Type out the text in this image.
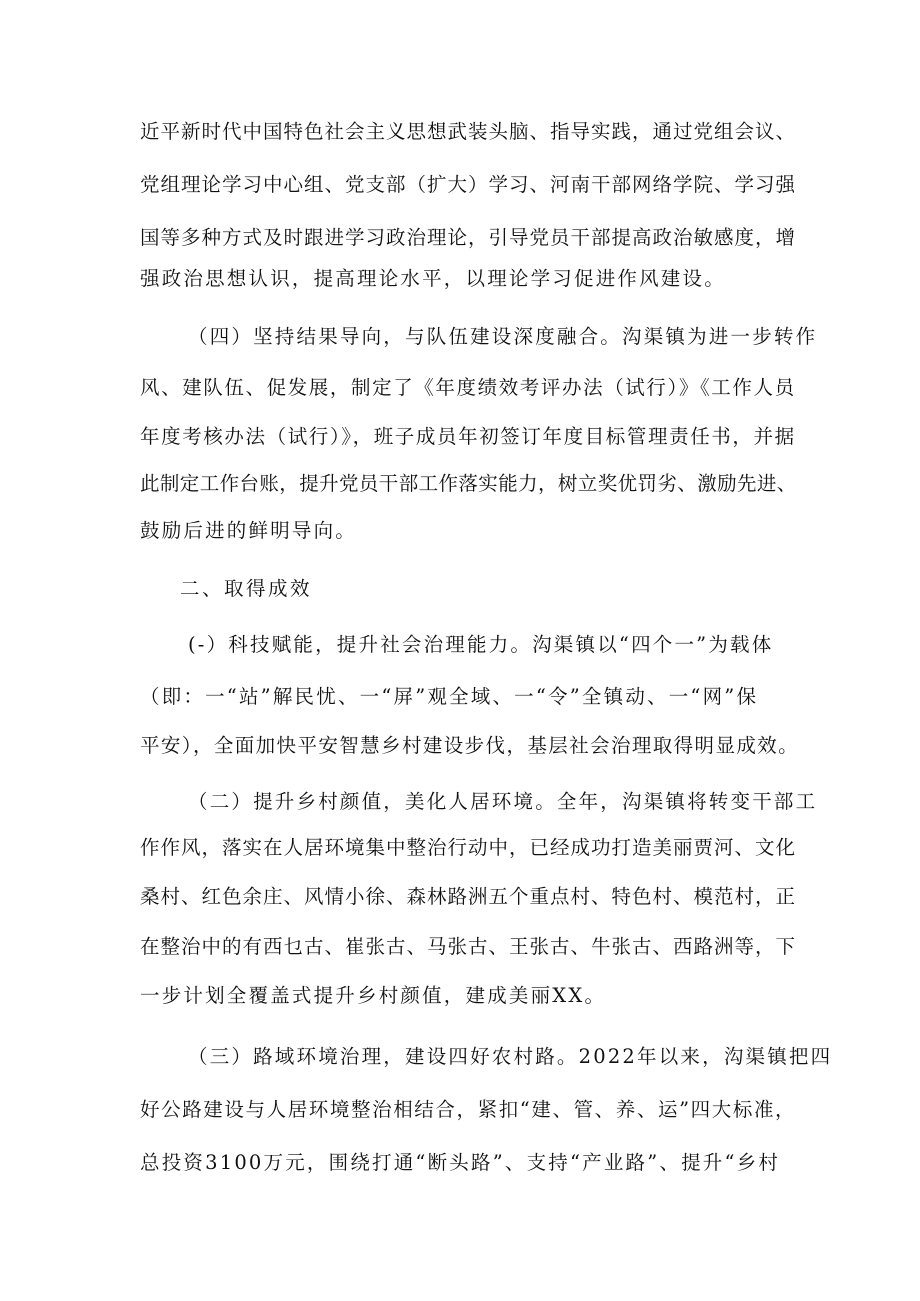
近平新时代中国特色社会主义思想武装头脑、指导实践，通过党组会议、
党组理论学习中心组、党支部（扩大）学习、河南干部网络学院、学习强
国等多种方式及时跟进学习政治理论，引导党员干部提高政治敏感度，增
强政治思想认识，提高理论水平，以理论学习促进作风建设。
（四）坚持结果导向，与队伍建设深度融合。沟渠镇为进一步转作
风、建队伍、促发展，制定了《年度绩效考评办法（试行）》《工作人员
年度考核办法（试行）》，班子成员年初签订年度目标管理责任书，并据
此制定工作台账，提升党员干部工作落实能力，树立奖优罚劣、激励先进、
鼓励后进的鲜明导向。
二、取得成效
(-）科技赋能，提升社会治理能力。沟渠镇以“四个一”为载体
（即：一“站”解民忧、一“屏”观全域、一“令”全镇动、一“网”保
平安），全面加快平安智慧乡村建设步伐，基层社会治理取得明显成效。
（二）提升乡村颜值，美化人居环境。全年，沟渠镇将转变干部工
作作风，落实在人居环境集中整治行动中，已经成功打造美丽贾河、文化
桑村、红色余庄、风情小徐、森林路洲五个重点村、特色村、模范村，正
在整治中的有西乜古、崔张古、马张古、王张古、牛张古、西路洲等，下
一步计划全覆盖式提升乡村颜值，建成美丽XX。
（三）路域环境治理，建设四好农村路。2022年以来，沟渠镇把四
好公路建设与人居环境整治相结合，紧扣“建、管、养、运”四大标准，
总投资3100万元，围绕打通“断头路”、支持“产业路”、提升“乡村
